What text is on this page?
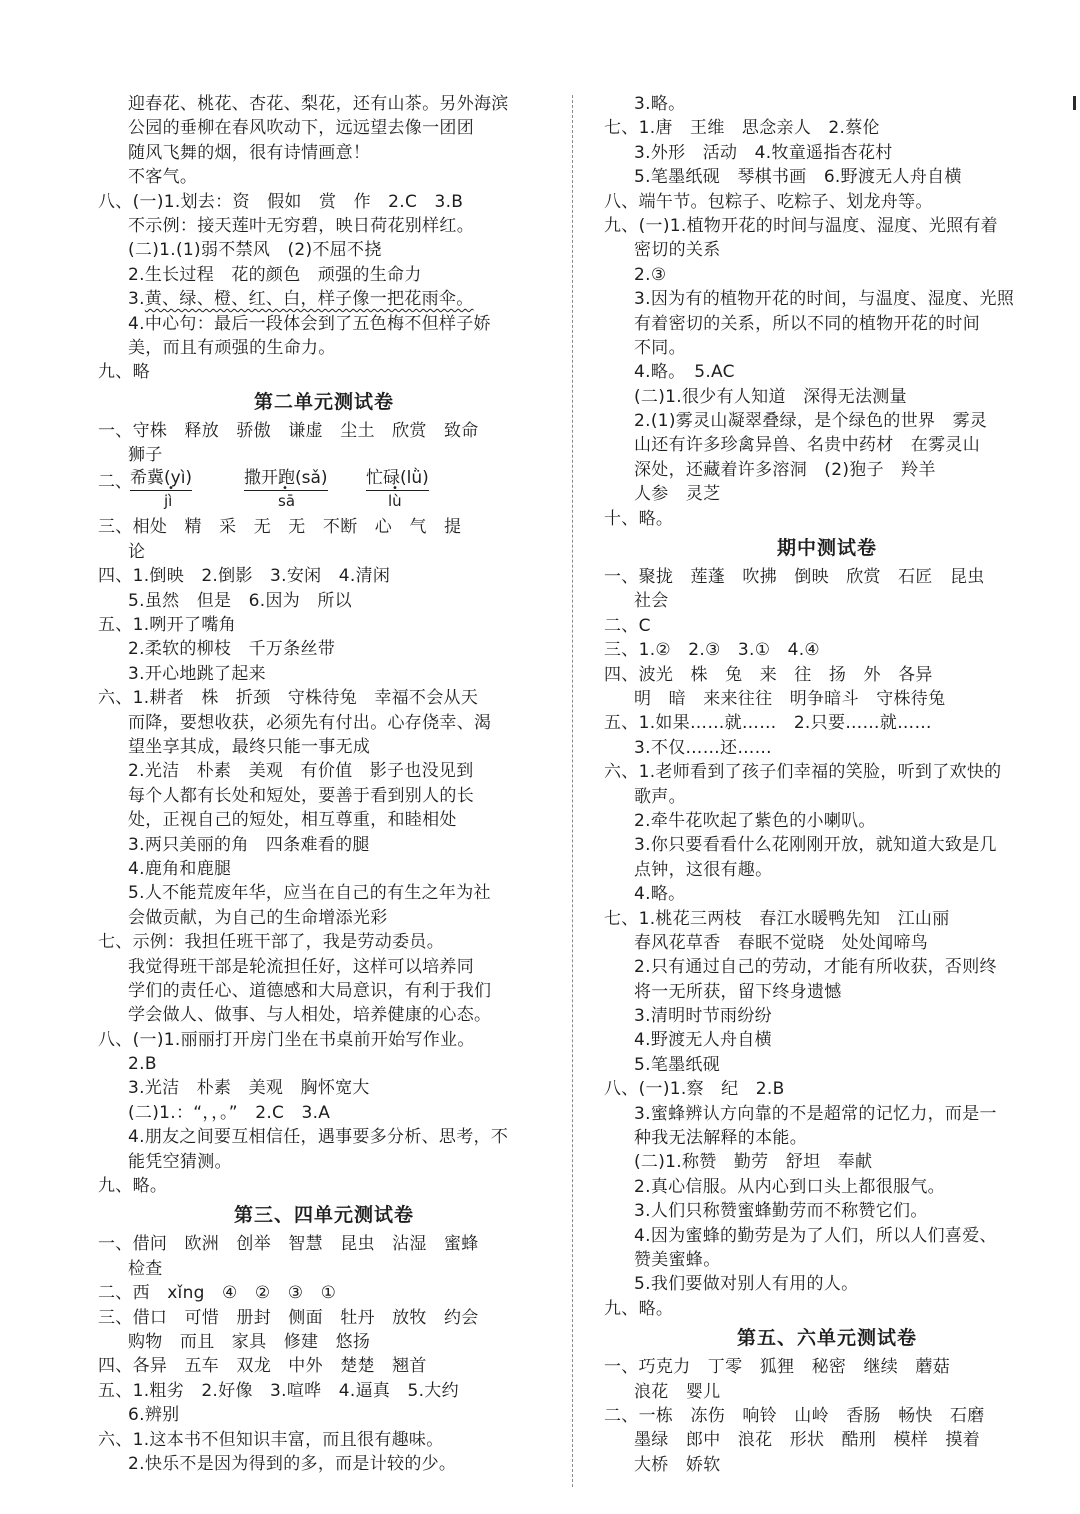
迎春花、桃花、杏花、梨花，还有山茶。另外海滨
公园的垂柳在春风吹动下，远远望去像一团团
随风飞舞的烟，很有诗情画意！
不客气。
八、(一)1.划去：资　假如　赏　作　2.C　3.B
不示例：接天莲叶无穷碧，映日荷花别样红。
(二)1.(1)弱不禁风　(2)不屈不挠
2.生长过程　花的颜色　顽强的生命力
3.黄、绿、橙、红、白，样子像一把花雨伞。
4.中心句：最后一段体会到了五色梅不但样子娇
美，而且有顽强的生命力。
九、略
第二单元测试卷
一、守株　释放　骄傲　谦虚　尘土　欣赏　致命
狮子
二、
希冀(yì)
• jì
撒开跑(sǎ)
• sā
忙碌(lǜ)
• lù
三、相处　精　采　无　无　不断　心　气　提
论
四、1.倒映　2.倒影　3.安闲　4.清闲
5.虽然　但是　6.因为　所以
五、1.咧开了嘴角
2.柔软的柳枝　千万条丝带
3.开心地跳了起来
六、1.耕者　株　折颈　守株待兔　幸福不会从天
而降，要想收获，必须先有付出。心存侥幸、渴
望坐享其成，最终只能一事无成
2.光洁　朴素　美观　有价值　影子也没见到
每个人都有长处和短处，要善于看到别人的长
处，正视自己的短处，相互尊重，和睦相处
3.两只美丽的角　四条难看的腿
4.鹿角和鹿腿
5.人不能荒废年华，应当在自己的有生之年为社
会做贡献，为自己的生命增添光彩
七、示例：我担任班干部了，我是劳动委员。
我觉得班干部是轮流担任好，这样可以培养同
学们的责任心、道德感和大局意识，有利于我们
学会做人、做事、与人相处，培养健康的心态。
八、(一)1.丽丽打开房门坐在书桌前开始写作业。
2.B
3.光洁　朴素　美观　胸怀宽大
(二)1.：“，，。”　2.C　3.A
4.朋友之间要互相信任，遇事要多分析、思考，不
能凭空猜测。
九、略。
第三、四单元测试卷
一、借问　欧洲　创举　智慧　昆虫　沾湿　蜜蜂
检查
二、西　xǐng　④　②　③　①
三、借口　可惜　册封　侧面　牡丹　放牧　约会
购物　而且　家具　修建　悠扬
四、各异　五车　双龙　中外　楚楚　翘首
五、1.粗劣　2.好像　3.喧哗　4.逼真　5.大约
6.辨别
六、1.这本书不但知识丰富，而且很有趣味。
2.快乐不是因为得到的多，而是计较的少。
3.略。
七、1.唐　王维　思念亲人　2.蔡伦
3.外形　活动　4.牧童遥指杏花村
5.笔墨纸砚　琴棋书画　6.野渡无人舟自横
八、端午节。包粽子、吃粽子、划龙舟等。
九、(一)1.植物开花的时间与温度、湿度、光照有着
密切的关系
2.③
3.因为有的植物开花的时间，与温度、湿度、光照
有着密切的关系，所以不同的植物开花的时间
不同。
4.略。　5.AC
(二)1.很少有人知道　深得无法测量
2.(1)雾灵山凝翠叠绿，是个绿色的世界　雾灵
山还有许多珍禽异兽、名贵中药材　在雾灵山
深处，还藏着许多溶洞　(2)狍子　羚羊
人参　灵芝
十、略。
期中测试卷
一、聚拢　莲蓬　吹拂　倒映　欣赏　石匠　昆虫
社会
二、C
三、1.②　2.③　3.①　4.④
四、波光　株　兔　来　往　扬　外　各异
明　暗　来来往往　明争暗斗　守株待兔
五、1.如果……就……　2.只要……就……
3.不仅……还……
六、1.老师看到了孩子们幸福的笑脸，听到了欢快的
歌声。
2.牵牛花吹起了紫色的小喇叭。
3.你只要看看什么花刚刚开放，就知道大致是几
点钟，这很有趣。
4.略。
七、1.桃花三两枝　春江水暖鸭先知　江山丽
春风花草香　春眠不觉晓　处处闻啼鸟
2.只有通过自己的劳动，才能有所收获，否则终
将一无所获，留下终身遗憾
3.清明时节雨纷纷
4.野渡无人舟自横
5.笔墨纸砚
八、(一)1.察　纪　2.B
3.蜜蜂辨认方向靠的不是超常的记忆力，而是一
种我无法解释的本能。
(二)1.称赞　勤劳　舒坦　奉献
2.真心信服。从内心到口头上都很服气。
3.人们只称赞蜜蜂勤劳而不称赞它们。
4.因为蜜蜂的勤劳是为了人们，所以人们喜爱、
赞美蜜蜂。
5.我们要做对别人有用的人。
九、略。
第五、六单元测试卷
一、巧克力　丁零　狐狸　秘密　继续　蘑菇
浪花　婴儿
二、一栋　冻伤　响铃　山岭　香肠　畅快　石磨
墨绿　郎中　浪花　形状　酷刑　模样　摸着
大桥　娇软
